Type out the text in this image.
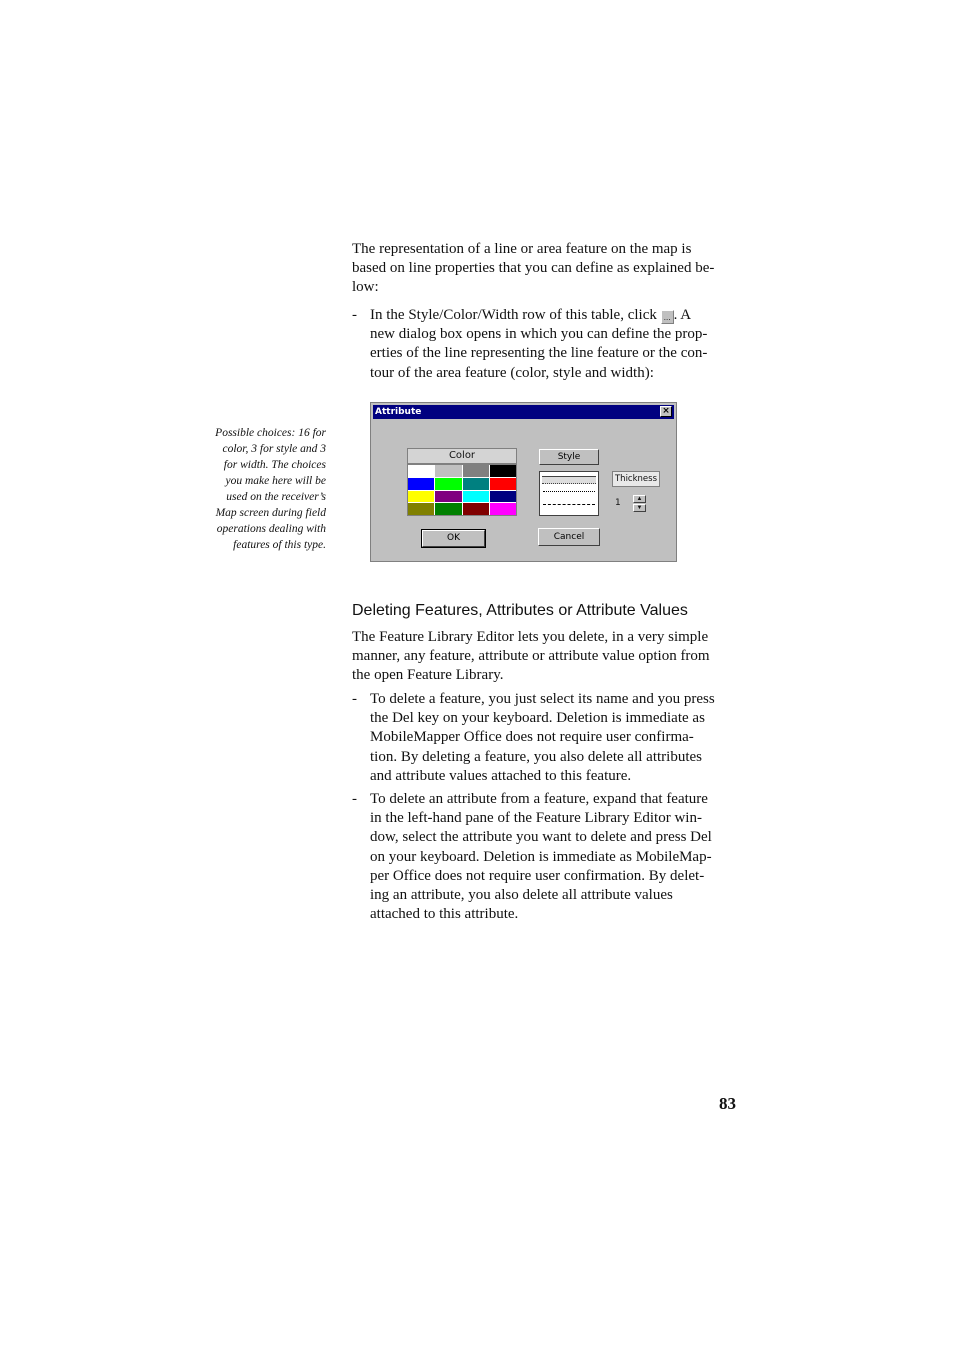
The representation of a line or area feature on the map is
based on line properties that you can define as explained be-
low:

- In the Style/Color/Width row of this table, click ... . A
new dialog box opens in which you can define the prop-
erties of the line representing the line feature or the con-
tour of the area feature (color, style and width):

Possible choices: 16 for
color, 3 for style and 3
for width. The choices
you make here will be
used on the receiver’s
Map screen during field
operations dealing with
features of this type.

Attribute	×
Color	Style
Thickness
1	▲
▼
OK	Cancel
Deleting Features, Attributes or Attribute Values

The Feature Library Editor lets you delete, in a very simple
manner, any feature, attribute or attribute value option from
the open Feature Library.

- To delete a feature, you just select its name and you press
the Del key on your keyboard. Deletion is immediate as
MobileMapper Office does not require user confirma-
tion. By deleting a feature, you also delete all attributes
and attribute values attached to this feature.
- To delete an attribute from a feature, expand that feature
in the left-hand pane of the Feature Library Editor win-
dow, select the attribute you want to delete and press Del
on your keyboard. Deletion is immediate as MobileMap-
per Office does not require user confirmation. By delet-
ing an attribute, you also delete all attribute values
attached to this attribute.
83
